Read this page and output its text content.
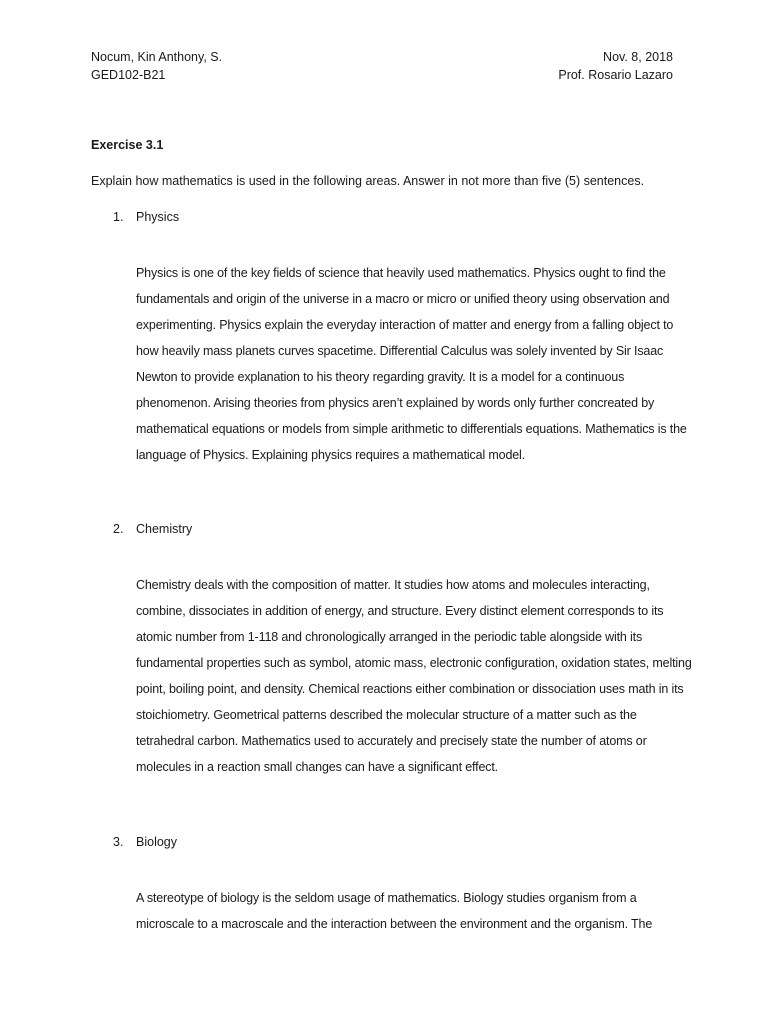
Nocum, Kin Anthony, S.
GED102-B21
Nov. 8, 2018
Prof. Rosario Lazaro
Exercise 3.1
Explain how mathematics is used in the following areas. Answer in not more than five (5) sentences.
1.	Physics

Physics is one of the key fields of science that heavily used mathematics. Physics ought to find the fundamentals and origin of the universe in a macro or micro or unified theory using observation and experimenting. Physics explain the everyday interaction of matter and energy from a falling object to how heavily mass planets curves spacetime. Differential Calculus was solely invented by Sir Isaac Newton to provide explanation to his theory regarding gravity. It is a model for a continuous phenomenon. Arising theories from physics aren’t explained by words only further concreated by mathematical equations or models from simple arithmetic to differentials equations. Mathematics is the language of Physics. Explaining physics requires a mathematical model.

2.	Chemistry

Chemistry deals with the composition of matter. It studies how atoms and molecules interacting, combine, dissociates in addition of energy, and structure. Every distinct element corresponds to its atomic number from 1-118 and chronologically arranged in the periodic table alongside with its fundamental properties such as symbol, atomic mass, electronic configuration, oxidation states, melting point, boiling point, and density. Chemical reactions either combination or dissociation uses math in its stoichiometry. Geometrical patterns described the molecular structure of a matter such as the tetrahedral carbon. Mathematics used to accurately and precisely state the number of atoms or molecules in a reaction small changes can have a significant effect.

3.	Biology

A stereotype of biology is the seldom usage of mathematics. Biology studies organism from a microscale to a macroscale and the interaction between the environment and the organism. The
